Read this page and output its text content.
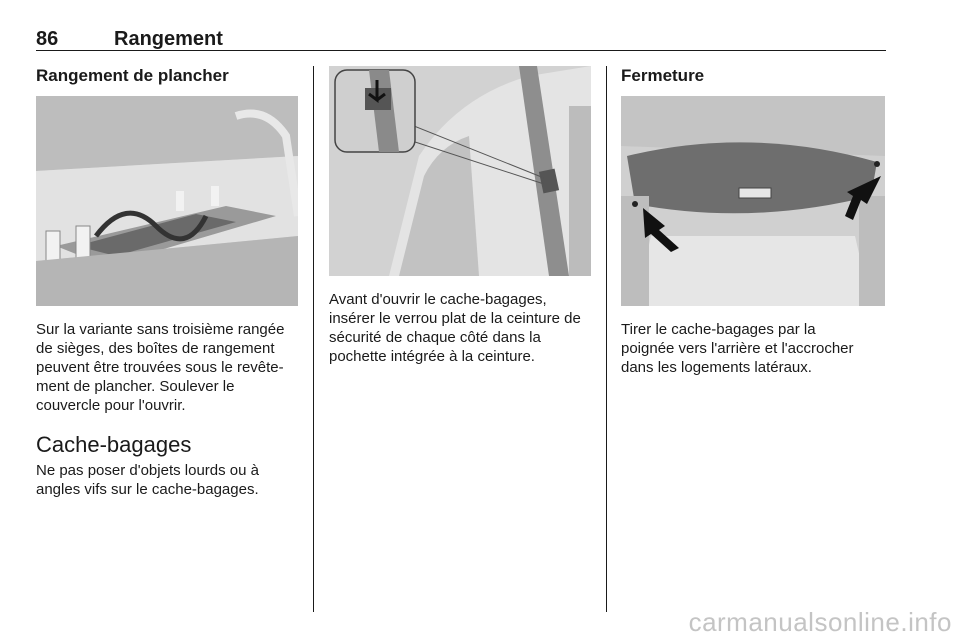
86	Rangement
Rangement de plancher
Sur la variante sans troisième rangée
de sièges, des boîtes de rangement
peuvent être trouvées sous le revête-
ment de plancher. Soulever le
couvercle pour l'ouvrir.
Cache-bagages
Ne pas poser d'objets lourds ou à
angles vifs sur le cache-bagages.
Avant d'ouvrir le cache-bagages,
insérer le verrou plat de la ceinture de
sécurité de chaque côté dans la
pochette intégrée à la ceinture.
Fermeture
Tirer le cache-bagages par la
poignée vers l'arrière et l'accrocher
dans les logements latéraux.
carmanualsonline.info
